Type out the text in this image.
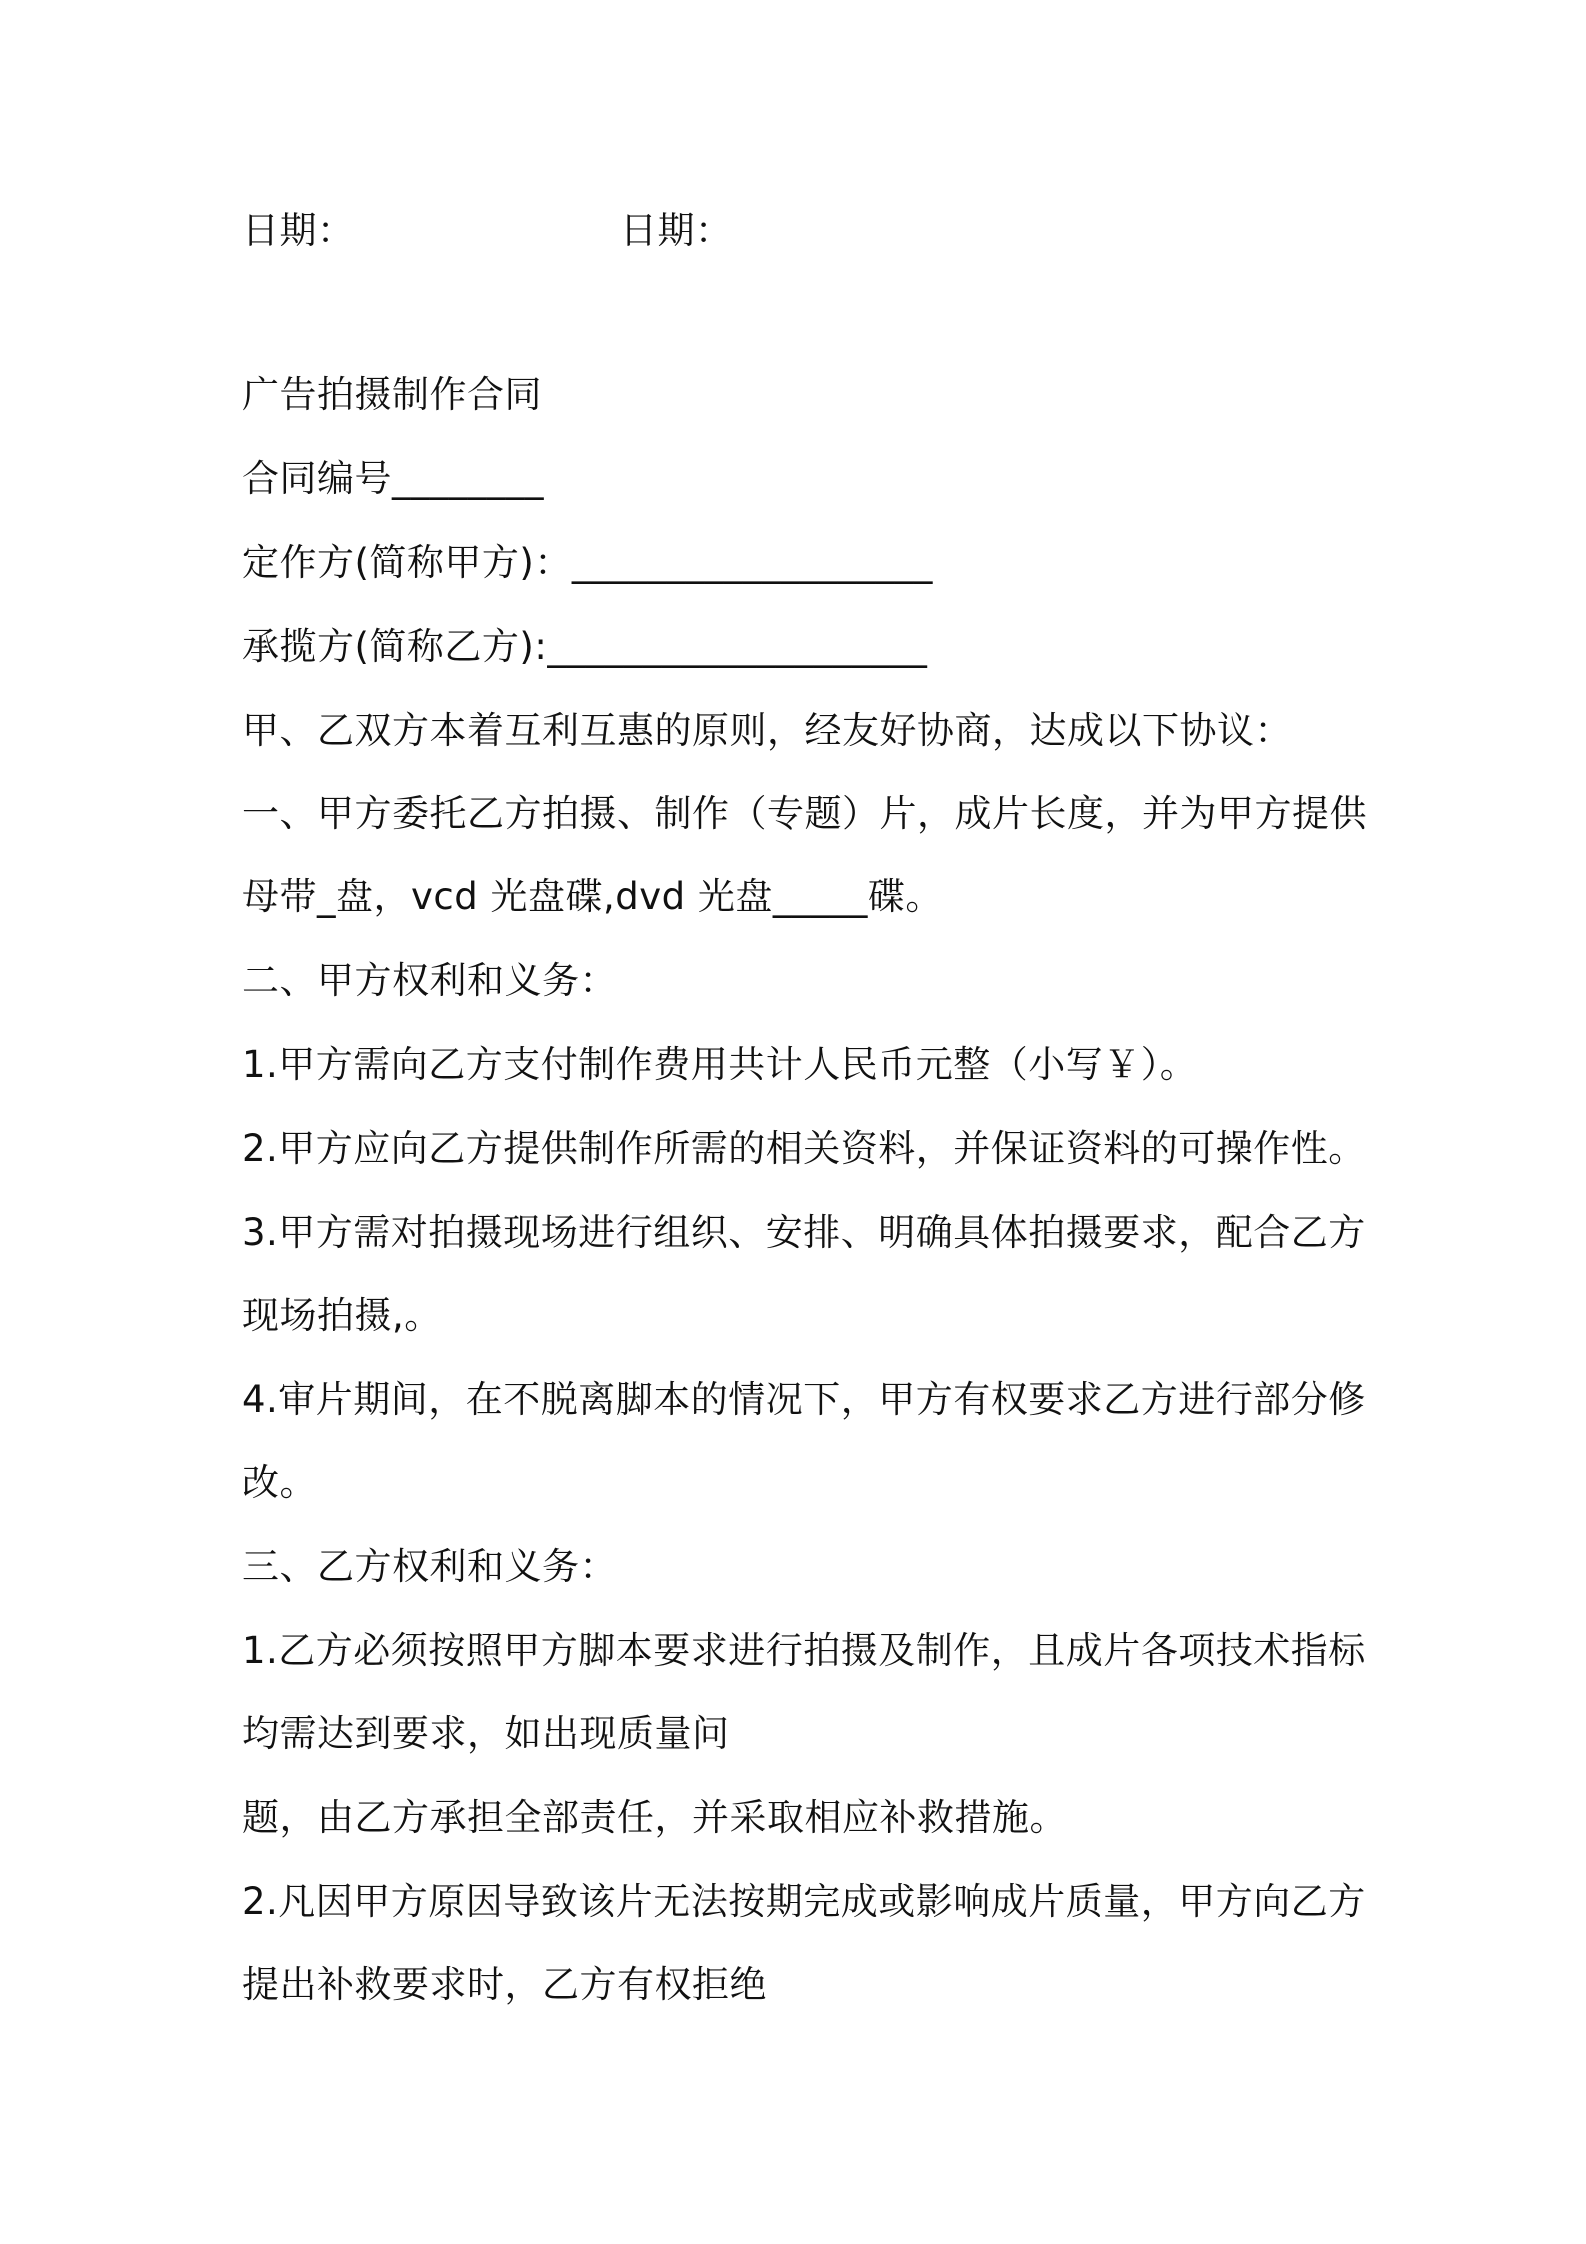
日期：	日期：
广告拍摄制作合同
合同编号________
定作方(简称甲方)：___________________
承揽方(简称乙方):____________________
甲、乙双方本着互利互惠的原则，经友好协商，达成以下协议：
一、甲方委托乙方拍摄、制作（专题）片，成片长度，并为甲方提供
母带_盘，vcd 光盘碟,dvd 光盘_____碟。
二、甲方权利和义务：
1.甲方需向乙方支付制作费用共计人民币元整（小写￥）。
2.甲方应向乙方提供制作所需的相关资料，并保证资料的可操作性。
3.甲方需对拍摄现场进行组织、安排、明确具体拍摄要求，配合乙方
现场拍摄,。
4.审片期间，在不脱离脚本的情况下，甲方有权要求乙方进行部分修
改。
三、乙方权利和义务：
1.乙方必须按照甲方脚本要求进行拍摄及制作，且成片各项技术指标
均需达到要求，如出现质量问
题，由乙方承担全部责任，并采取相应补救措施。
2.凡因甲方原因导致该片无法按期完成或影响成片质量，甲方向乙方
提出补救要求时，乙方有权拒绝
